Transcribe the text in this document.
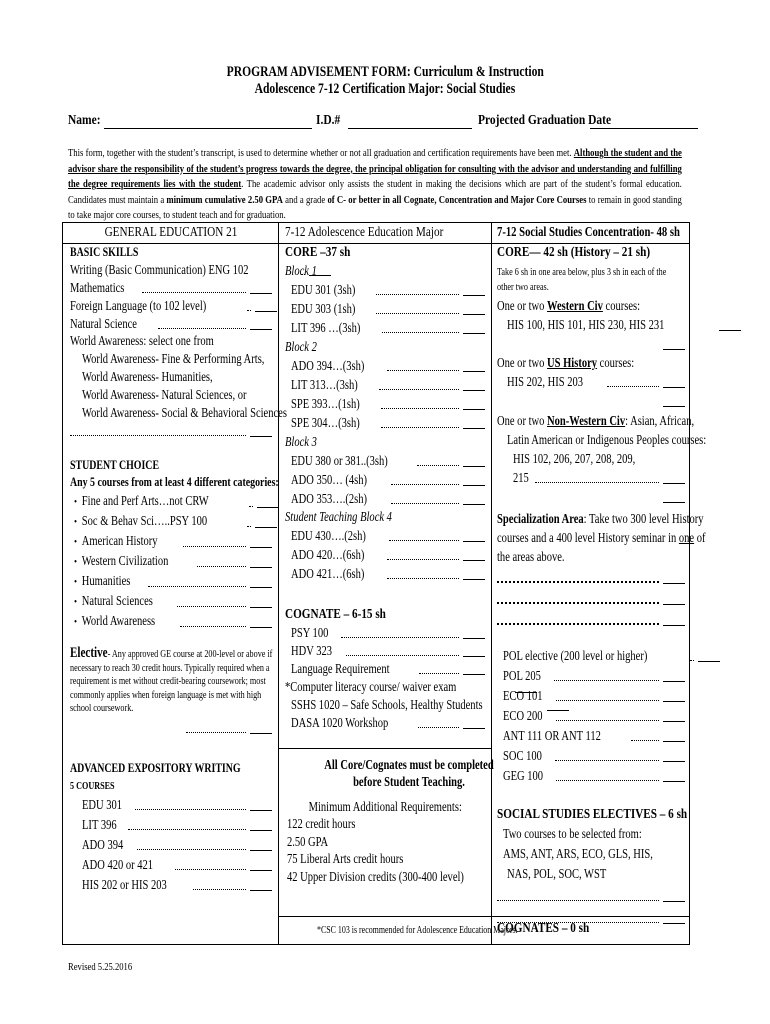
PROGRAM ADVISEMENT FORM: Curriculum & Instruction
Adolescence 7-12 Certification Major: Social Studies
Name:	I.D.#	Projected Graduation Date

This form, together with the student’s transcript, is used to determine whether or not all graduation and certification requirements have been met. Although the student and the advisor share the responsibility of the student’s progress towards the degree, the principal obligation for consulting with the advisor and understanding and fulfilling the degree requirements lies with the student. The academic advisor only assists the student in making the decisions which are part of the student’s formal education. Candidates must maintain a minimum cumulative 2.50 GPA and a grade of C- or better in all Cognate, Concentration and Major Core Courses to remain in good standing to take major core courses, to student teach and for graduation.

GENERAL EDUCATION 21
BASIC SKILLS
Writing (Basic Communication) ENG 102
Mathematics
Foreign Language (to 102 level)
Natural Science
World Awareness: select one from
World Awareness- Fine & Performing Arts,
World Awareness- Humanities,
World Awareness- Natural Sciences, or
World Awareness- Social & Behavioral Sciences
STUDENT CHOICE
Any 5 courses from at least 4 different categories:
• Fine and Perf Arts…not CRW
• Soc & Behav Sci…..PSY 100
• American History
• Western Civilization
• Humanities
• Natural Sciences
• World Awareness
Elective- Any approved GE course at 200-level or above if
necessary to reach 30 credit hours. Typically required when a
requirement is met without credit-bearing coursework; most
commonly applies when foreign language is met with high
school coursework.
ADVANCED EXPOSITORY WRITING
5 COURSES
EDU 301
LIT 396
ADO 394
ADO 420 or 421
HIS 202 or HIS 203
7-12 Adolescence Education Major
CORE –37 sh
Block 1
EDU 301 (3sh)
EDU 303 (1sh)
LIT 396 …(3sh)
Block 2
ADO 394…(3sh)
LIT 313…(3sh)
SPE 393…(1sh)
SPE 304…(3sh)
Block 3
EDU 380 or 381..(3sh)
ADO 350… (4sh)
ADO 353….(2sh)
Student Teaching Block 4
EDU 430….(2sh)
ADO 420…(6sh)
ADO 421…(6sh)
COGNATE – 6-15 sh
PSY 100
HDV 323
Language Requirement
*Computer literacy course/ waiver exam
SSHS 1020 – Safe Schools, Healthy Students
DASA 1020 Workshop
All Core/Cognates must be completed before Student Teaching.
Minimum Additional Requirements:
122 credit hours
2.50 GPA
75 Liberal Arts credit hours
42 Upper Division credits (300-400 level)
*CSC 103 is recommended for Adolescence Education Majors.
7-12 Social Studies Concentration- 48 sh
CORE— 42 sh (History – 21 sh)
Take 6 sh in one area below, plus 3 sh in each of the other two areas.
One or two Western Civ courses:
HIS 100, HIS 101, HIS 230, HIS 231
One or two US History courses:
HIS 202, HIS 203
One or two Non-Western Civ: Asian, African,
Latin American or Indigenous Peoples courses:
HIS 102, 206, 207, 208, 209,
215
Specialization Area: Take two 300 level History
courses and a 400 level History seminar in one of
the areas above.
POL elective (200 level or higher)
POL 205
ECO 101
ECO 200
ANT 111 OR ANT 112
SOC 100
GEG 100
SOCIAL STUDIES ELECTIVES – 6 sh
Two courses to be selected from:
AMS, ANT, ARS, ECO, GLS, HIS,
NAS, POL, SOC, WST
COGNATES – 0 sh
Revised 5.25.2016
